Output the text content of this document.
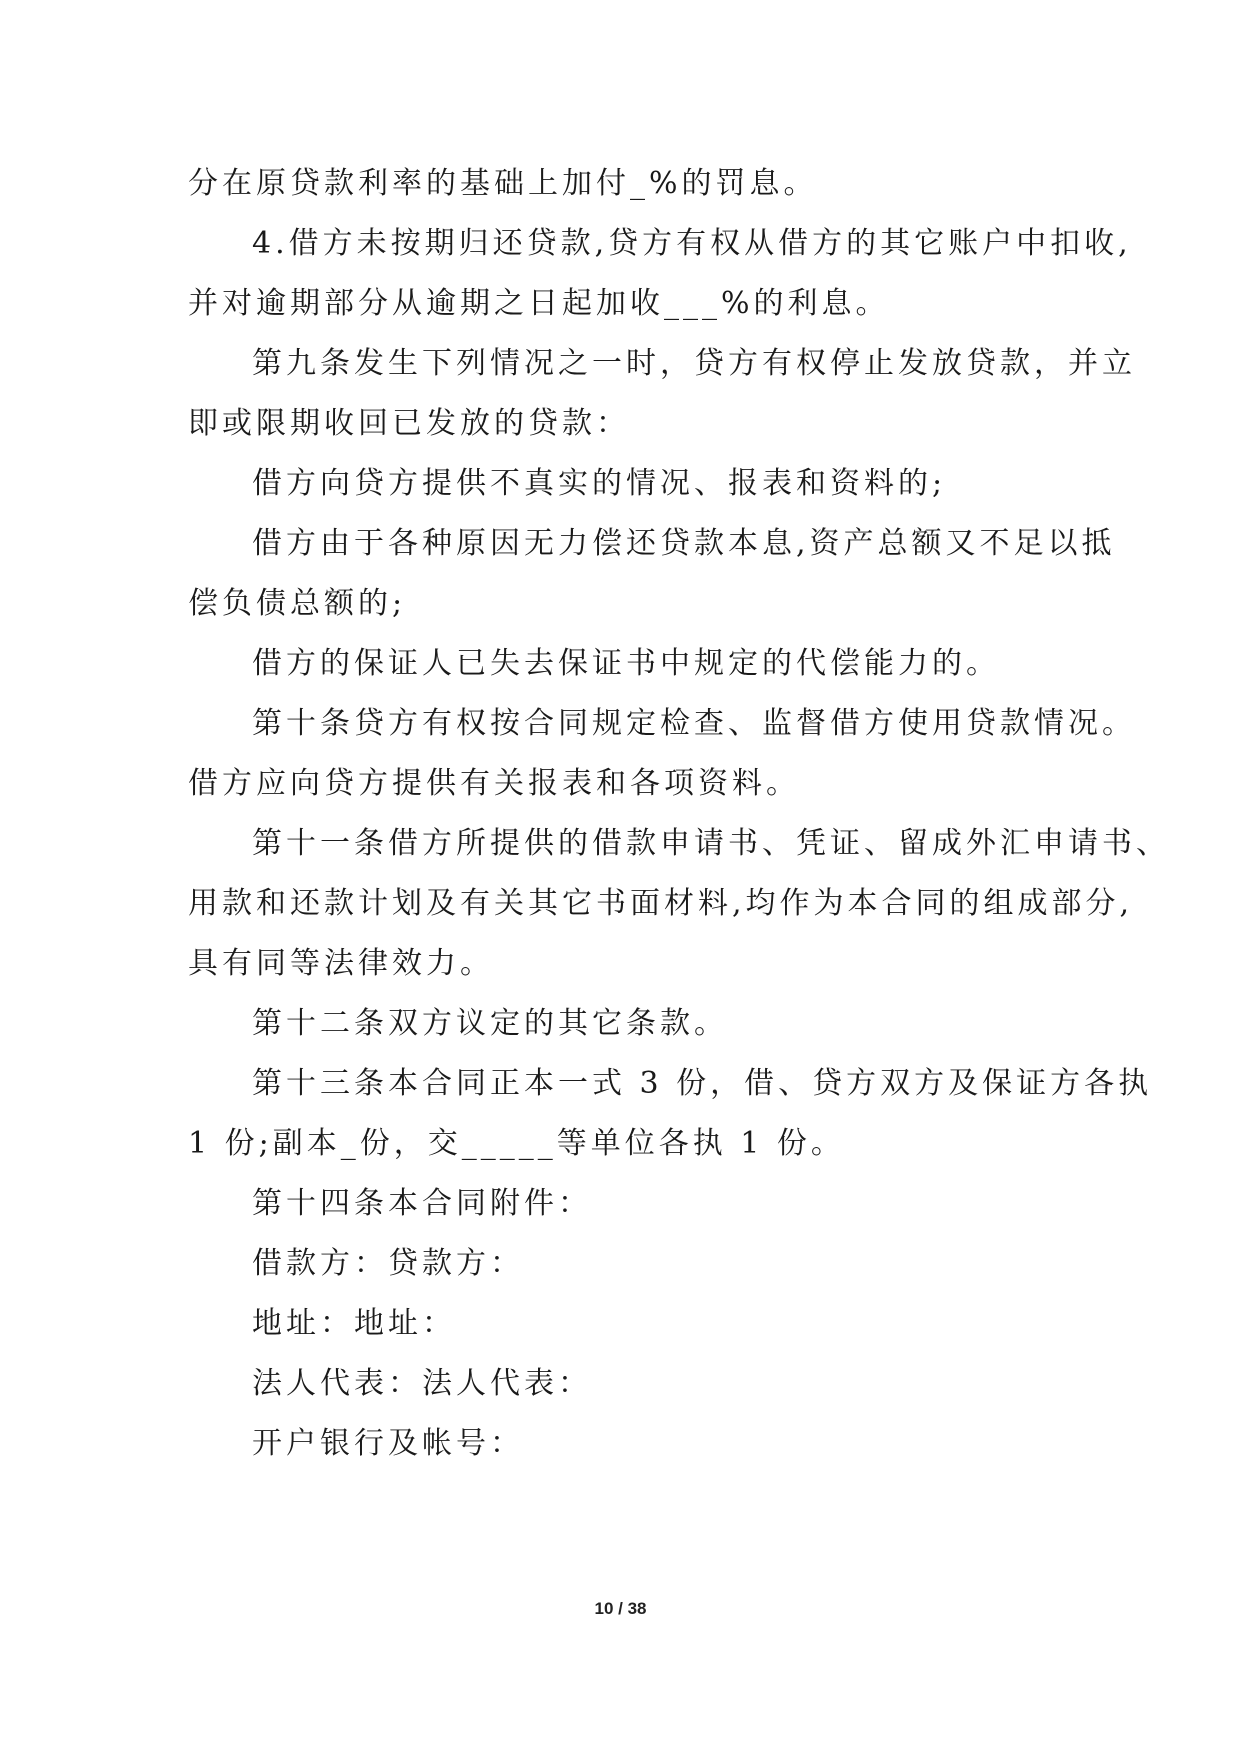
分在原贷款利率的基础上加付_%的罚息。
4.借方未按期归还贷款,贷方有权从借方的其它账户中扣收,
并对逾期部分从逾期之日起加收___%的利息。
第九条发生下列情况之一时，贷方有权停止发放贷款，并立
即或限期收回已发放的贷款：
借方向贷方提供不真实的情况、报表和资料的;
借方由于各种原因无力偿还贷款本息,资产总额又不足以抵
偿负债总额的;
借方的保证人已失去保证书中规定的代偿能力的。
第十条贷方有权按合同规定检查、监督借方使用贷款情况。
借方应向贷方提供有关报表和各项资料。
第十一条借方所提供的借款申请书、凭证、留成外汇申请书、
用款和还款计划及有关其它书面材料,均作为本合同的组成部分,
具有同等法律效力。
第十二条双方议定的其它条款。
第十三条本合同正本一式 3 份，借、贷方双方及保证方各执
1 份;副本_份，交_____等单位各执 1 份。
第十四条本合同附件：
借款方：贷款方：
地址：地址：
法人代表：法人代表：
开户银行及帐号：
10 / 38
